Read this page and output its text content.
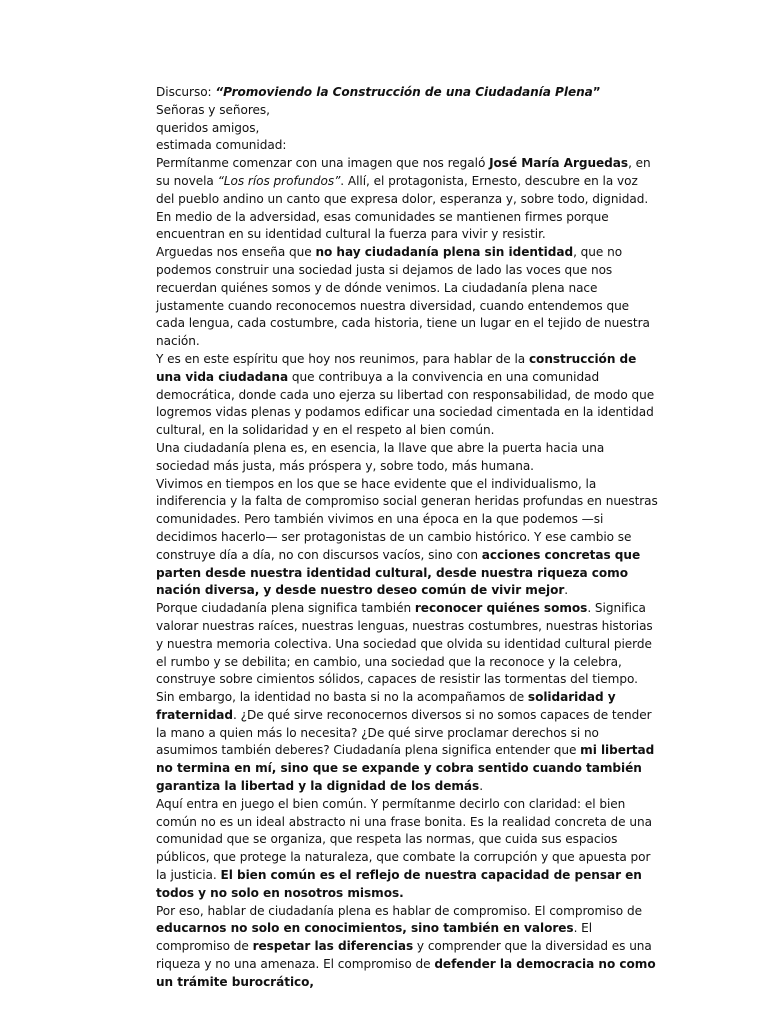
Discurso: “Promoviendo la Construcción de una Ciudadanía Plena”

Señoras y señores,

queridos amigos,

estimada comunidad:

Permítanme comenzar con una imagen que nos regaló José María Arguedas, en su novela “Los ríos profundos”. Allí, el protagonista, Ernesto, descubre en la voz del pueblo andino un canto que expresa dolor, esperanza y, sobre todo, dignidad. En medio de la adversidad, esas comunidades se mantienen firmes porque encuentran en su identidad cultural la fuerza para vivir y resistir.

Arguedas nos enseña que no hay ciudadanía plena sin identidad, que no podemos construir una sociedad justa si dejamos de lado las voces que nos recuerdan quiénes somos y de dónde venimos. La ciudadanía plena nace justamente cuando reconocemos nuestra diversidad, cuando entendemos que cada lengua, cada costumbre, cada historia, tiene un lugar en el tejido de nuestra nación.

Y es en este espíritu que hoy nos reunimos, para hablar de la construcción de una vida ciudadana que contribuya a la convivencia en una comunidad democrática, donde cada uno ejerza su libertad con responsabilidad, de modo que logremos vidas plenas y podamos edificar una sociedad cimentada en la identidad cultural, en la solidaridad y en el respeto al bien común.

Una ciudadanía plena es, en esencia, la llave que abre la puerta hacia una sociedad más justa, más próspera y, sobre todo, más humana.

Vivimos en tiempos en los que se hace evidente que el individualismo, la indiferencia y la falta de compromiso social generan heridas profundas en nuestras comunidades. Pero también vivimos en una época en la que podemos —si decidimos hacerlo— ser protagonistas de un cambio histórico. Y ese cambio se construye día a día, no con discursos vacíos, sino con acciones concretas que parten desde nuestra identidad cultural, desde nuestra riqueza como nación diversa, y desde nuestro deseo común de vivir mejor.

Porque ciudadanía plena significa también reconocer quiénes somos. Significa valorar nuestras raíces, nuestras lenguas, nuestras costumbres, nuestras historias y nuestra memoria colectiva. Una sociedad que olvida su identidad cultural pierde el rumbo y se debilita; en cambio, una sociedad que la reconoce y la celebra, construye sobre cimientos sólidos, capaces de resistir las tormentas del tiempo.

Sin embargo, la identidad no basta si no la acompañamos de solidaridad y fraternidad. ¿De qué sirve reconocernos diversos si no somos capaces de tender la mano a quien más lo necesita? ¿De qué sirve proclamar derechos si no asumimos también deberes? Ciudadanía plena significa entender que mi libertad no termina en mí, sino que se expande y cobra sentido cuando también garantiza la libertad y la dignidad de los demás.

Aquí entra en juego el bien común. Y permítanme decirlo con claridad: el bien común no es un ideal abstracto ni una frase bonita. Es la realidad concreta de una comunidad que se organiza, que respeta las normas, que cuida sus espacios públicos, que protege la naturaleza, que combate la corrupción y que apuesta por la justicia. El bien común es el reflejo de nuestra capacidad de pensar en todos y no solo en nosotros mismos.

Por eso, hablar de ciudadanía plena es hablar de compromiso. El compromiso de educarnos no solo en conocimientos, sino también en valores. El compromiso de respetar las diferencias y comprender que la diversidad es una riqueza y no una amenaza. El compromiso de defender la democracia no como un trámite burocrático,
